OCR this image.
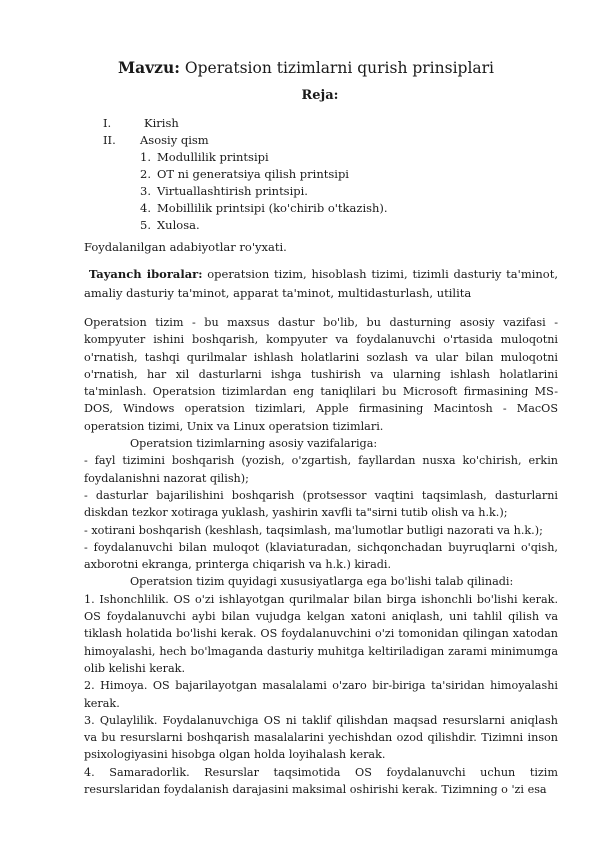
Mavzu: Operatsion tizimlarni qurish prinsiplari
Reja:
I.	Kirish
II. Asosiy qism
1. Modullilik printsipi
2. OT ni gеnеratsiya qilish printsipi
3. Virtuallashtirish printsipi.
4. Mobillilik printsipi (ko'chirib o'tkazish).
5. Xulosa.
Foydalanilgan adabiyotlar ro'yxati.
Tayanch iboralar: operatsion tizim, hisoblash tizimi, tizimli dasturiy ta'minot, amaliy dasturiy ta'minot, apparat ta'minot, multidasturlash, utilita

Operatsion tizim - bu maxsus dastur bo'lib, bu dasturning asosiy vazifasi - kompyuter ishini boshqarish, kompyuter va foydalanuvchi o'rtasida muloqotni o'rnatish, tashqi qurilmalar ishlash holatlarini sozlash va ular bilan muloqotni o'rnatish, har xil dasturlarni ishga tushirish va ularning ishlash holatlarini ta'minlash. Operatsion tizimlardan eng taniqlilari bu Microsoft firmasining MS-DOS, Windows operatsion tizimlari, Apple firmasining Macintosh - MacOS operatsion tizimi, Unix va Linux operatsion tizimlari.

Operatsion tizimlarning asosiy vazifalariga:

- fayl tizimini boshqarish (yozish, o'zgartish, fayllardan nusxa ko'chirish, erkin foydalanishni nazorat qilish);

- dasturlar bajarilishini boshqarish (protsessor vaqtini taqsimlash, dasturlarni diskdan tezkor xotiraga yuklash, yashirin xavfli ta"sirni tutib olish va h.k.);

- xotirani boshqarish (keshlash, taqsimlash, ma'lumotlar butligi nazorati va h.k.);

- foydalanuvchi bilan muloqot (klaviaturadan, sichqonchadan buyruqlarni o'qish, axborotni ekranga, printerga chiqarish va h.k.) kiradi.

Operatsion tizim quyidagi xususiyatlarga ega bo'lishi talab qilinadi:

1. Ishonchlilik. OS o'zi ishlayotgan qurilmalar bilan birga ishonchli bo'lishi kerak. OS foydalanuvchi aybi bilan vujudga kelgan xatoni aniqlash, uni tahlil qilish va tiklash holatida bo'lishi kerak. OS foydalanuvchini o'zi tomonidan qilingan xatodan himoyalashi, hech bo'lmaganda dasturiy muhitga keltiriladigan zarami minimumga olib kelishi kerak.

2. Himoya. OS bajarilayotgan masalalami o'zaro bir-biriga ta'siridan himoyalashi kerak.

3. Qulaylilik. Foydalanuvchiga OS ni taklif qilishdan maqsad resurslarni aniqlash va bu resurslarni boshqarish masalalarini yechishdan ozod qilishdir. Tizimni inson psixologiyasini hisobga olgan holda loyihalash kerak.

4. Samaradorlik. Resurslar taqsimotida OS foydalanuvchi uchun tizim resurslaridan foydalanish darajasini maksimal oshirishi kerak. Tizimning o 'zi esa
